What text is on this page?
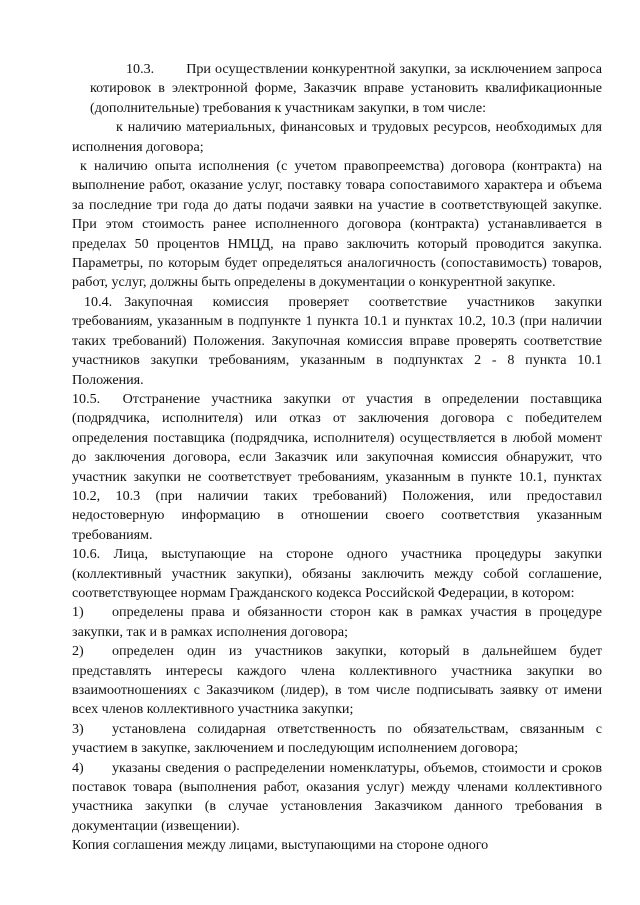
10.3. При осуществлении конкурентной закупки, за исключением запроса котировок в электронной форме, Заказчик вправе установить квалификационные (дополнительные) требования к участникам закупки, в том числе:

к наличию материальных, финансовых и трудовых ресурсов, необходимых для исполнения договора;

к наличию опыта исполнения (с учетом правопреемства) договора (контракта) на выполнение работ, оказание услуг, поставку товара сопоставимого характера и объема за последние три года до даты подачи заявки на участие в соответствующей закупке. При этом стоимость ранее исполненного договора (контракта) устанавливается в пределах 50 процентов НМЦД, на право заключить который проводится закупка. Параметры, по которым будет определяться аналогичность (сопоставимость) товаров, работ, услуг, должны быть определены в документации о конкурентной закупке.

10.4. Закупочная комиссия проверяет соответствие участников закупки требованиям, указанным в подпункте 1 пункта 10.1 и пунктах 10.2, 10.3 (при наличии таких требований) Положения. Закупочная комиссия вправе проверять соответствие участников закупки требованиям, указанным в подпунктах 2 - 8 пункта 10.1 Положения.

10.5. Отстранение участника закупки от участия в определении поставщика (подрядчика, исполнителя) или отказ от заключения договора с победителем определения поставщика (подрядчика, исполнителя) осуществляется в любой момент до заключения договора, если Заказчик или закупочная комиссия обнаружит, что участник закупки не соответствует требованиям, указанным в пункте 10.1, пунктах 10.2, 10.3 (при наличии таких требований) Положения, или предоставил недостоверную информацию в отношении своего соответствия указанным требованиям.

10.6. Лица, выступающие на стороне одного участника процедуры закупки (коллективный участник закупки), обязаны заключить между собой соглашение, соответствующее нормам Гражданского кодекса Российской Федерации, в котором:

1) определены права и обязанности сторон как в рамках участия в процедуре закупки, так и в рамках исполнения договора;

2) определен один из участников закупки, который в дальнейшем будет представлять интересы каждого члена коллективного участника закупки во взаимоотношениях с Заказчиком (лидер), в том числе подписывать заявку от имени всех членов коллективного участника закупки;

3) установлена солидарная ответственность по обязательствам, связанным с участием в закупке, заключением и последующим исполнением договора;

4) указаны сведения о распределении номенклатуры, объемов, стоимости и сроков поставок товара (выполнения работ, оказания услуг) между членами коллективного участника закупки (в случае установления Заказчиком данного требования в документации (извещении).

Копия соглашения между лицами, выступающими на стороне одного
